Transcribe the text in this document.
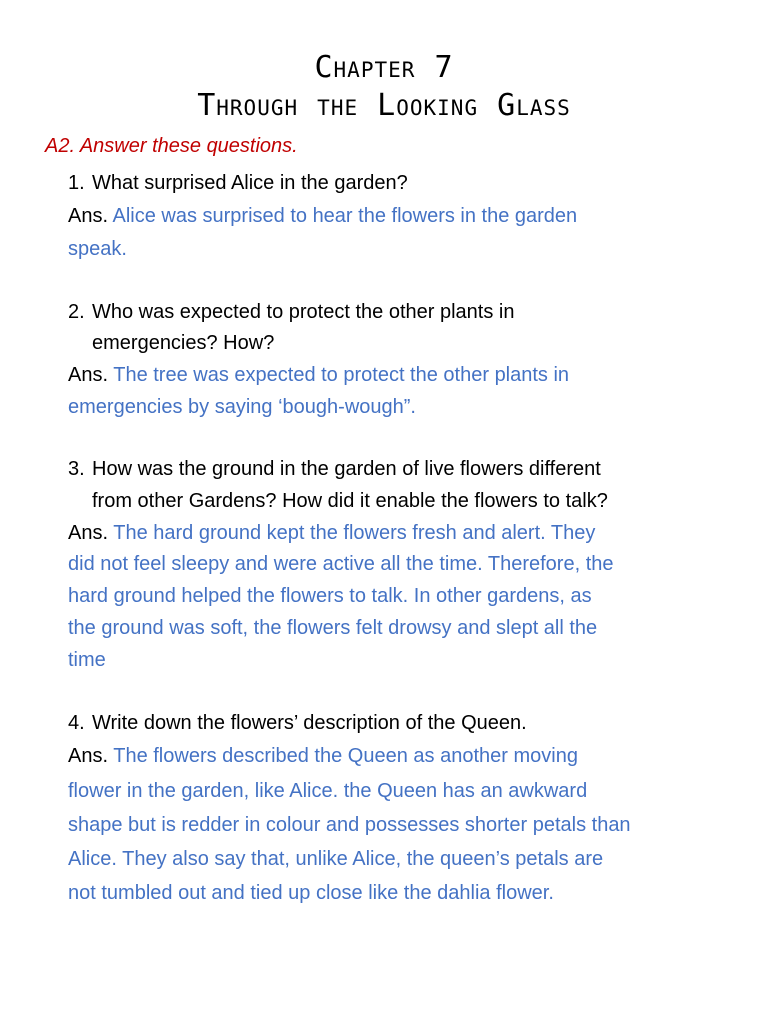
Chapter 7
Through the Looking Glass
A2. Answer these questions.
1. What surprised Alice in the garden?
Ans. Alice was surprised to hear the flowers in the garden
speak.
2. Who was expected to protect the other plants in
emergencies? How?
Ans. The tree was expected to protect the other plants in
emergencies by saying ‘bough-wough”.
3. How was the ground in the garden of live flowers different
from other Gardens? How did it enable the flowers to talk?
Ans. The hard ground kept the flowers fresh and alert. They
did not feel sleepy and were active all the time. Therefore, the
hard ground helped the flowers to talk. In other gardens, as
the ground was soft, the flowers felt drowsy and slept all the
time
4. Write down the flowers’ description of the Queen.
Ans. The flowers described the Queen as another moving
flower in the garden, like Alice. the Queen has an awkward
shape but is redder in colour and possesses shorter petals than
Alice. They also say that, unlike Alice, the queen’s petals are
not tumbled out and tied up close like the dahlia flower.
